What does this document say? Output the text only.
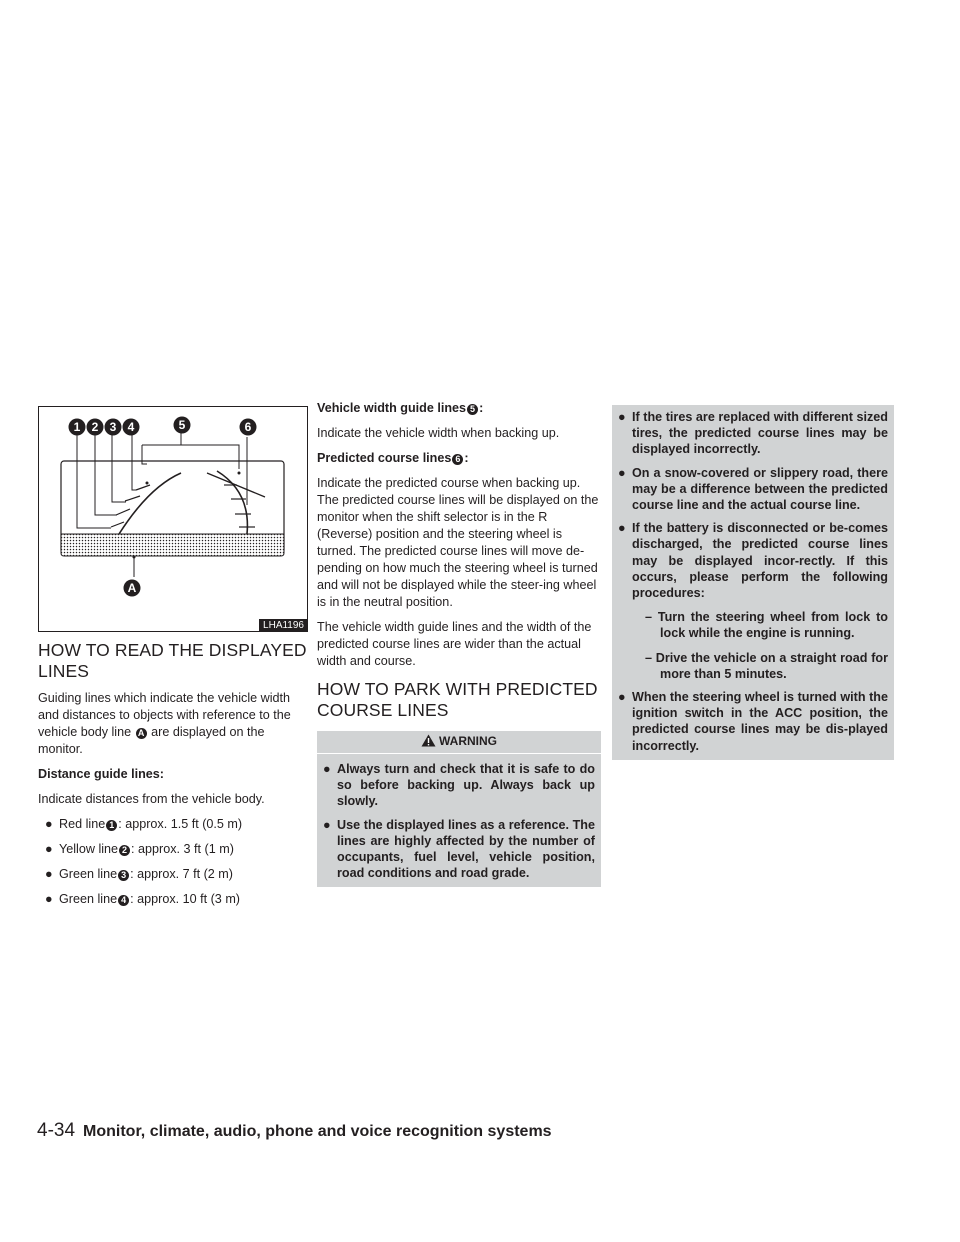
1 2 3 4	5	6
A
LHA1196
HOW TO READ THE DISPLAYED LINES

Guiding lines which indicate the vehicle width and distances to objects with reference to the vehicle body line A are displayed on the monitor.

Distance guide lines:

Indicate distances from the vehicle body.

● Red line 1 : approx. 1.5 ft (0.5 m)
● Yellow line 2 : approx. 3 ft (1 m)
● Green line 3 : approx. 7 ft (2 m)
● Green line 4 : approx. 10 ft (3 m)

Vehicle width guide lines 5 :

Indicate the vehicle width when backing up.

Predicted course lines 6 :

Indicate the predicted course when backing up. The predicted course lines will be displayed on the monitor when the shift selector is in the R (Reverse) position and the steering wheel is turned. The predicted course lines will move de-pending on how much the steering wheel is turned and will not be displayed while the steer-ing wheel is in the neutral position.

The vehicle width guide lines and the width of the predicted course lines are wider than the actual width and course.

HOW TO PARK WITH PREDICTED COURSE LINES
WARNING
● Always turn and check that it is safe to do so before backing up. Always back up slowly.
● Use the displayed lines as a reference. The lines are highly affected by the number of occupants, fuel level, vehicle position, road conditions and road grade.
● If the tires are replaced with different sized tires, the predicted course lines may be displayed incorrectly.
● On a snow-covered or slippery road, there may be a difference between the predicted course line and the actual course line.
● If the battery is disconnected or be-comes discharged, the predicted course lines may be displayed incor-rectly. If this occurs, please perform the following procedures:
– Turn the steering wheel from lock to lock while the engine is running.
– Drive the vehicle on a straight road for more than 5 minutes.
● When the steering wheel is turned with the ignition switch in the ACC position, the predicted course lines may be dis-played incorrectly.
4-34 Monitor, climate, audio, phone and voice recognition systems
